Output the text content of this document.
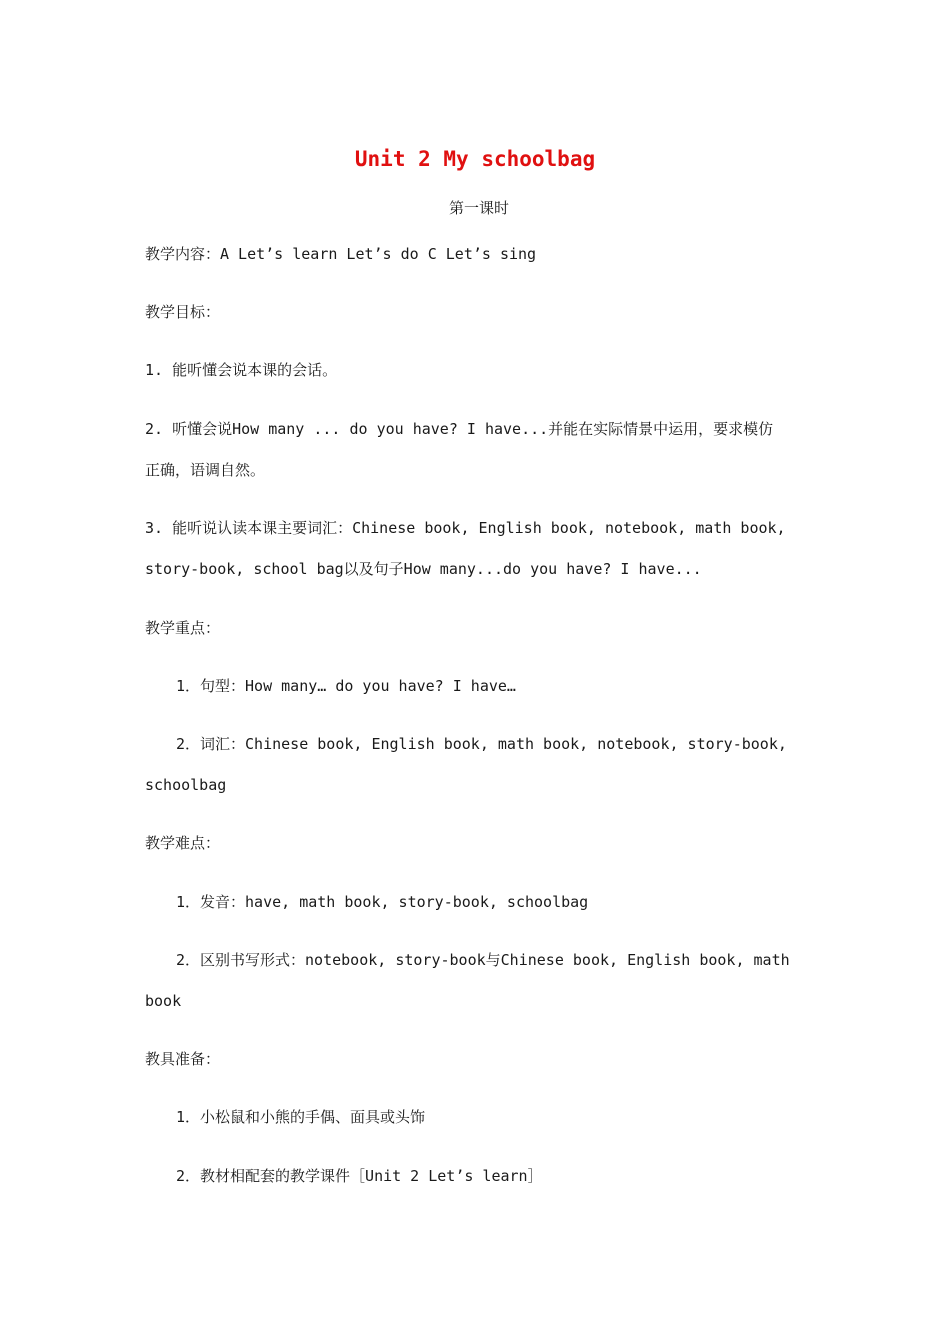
Unit 2 My schoolbag
第一课时
教学内容：A Let’s learn Let’s do C Let’s sing
教学目标：
1. 能听懂会说本课的会话。
2. 听懂会说How many ... do you have? I have...并能在实际情景中运用，要求模仿
正确，语调自然。
3. 能听说认读本课主要词汇：Chinese book, English book, notebook, math book,
story-book, school bag以及句子How many...do you have? I have...
教学重点：
1．句型：How many… do you have? I have…
2．词汇：Chinese book, English book, math book, notebook, story-book,
schoolbag
教学难点：
1．发音：have, math book, story-book, schoolbag
2．区别书写形式：notebook, story-book与Chinese book, English book, math
book
教具准备：
1．小松鼠和小熊的手偶、面具或头饰
2．教材相配套的教学课件［Unit 2 Let’s learn］
